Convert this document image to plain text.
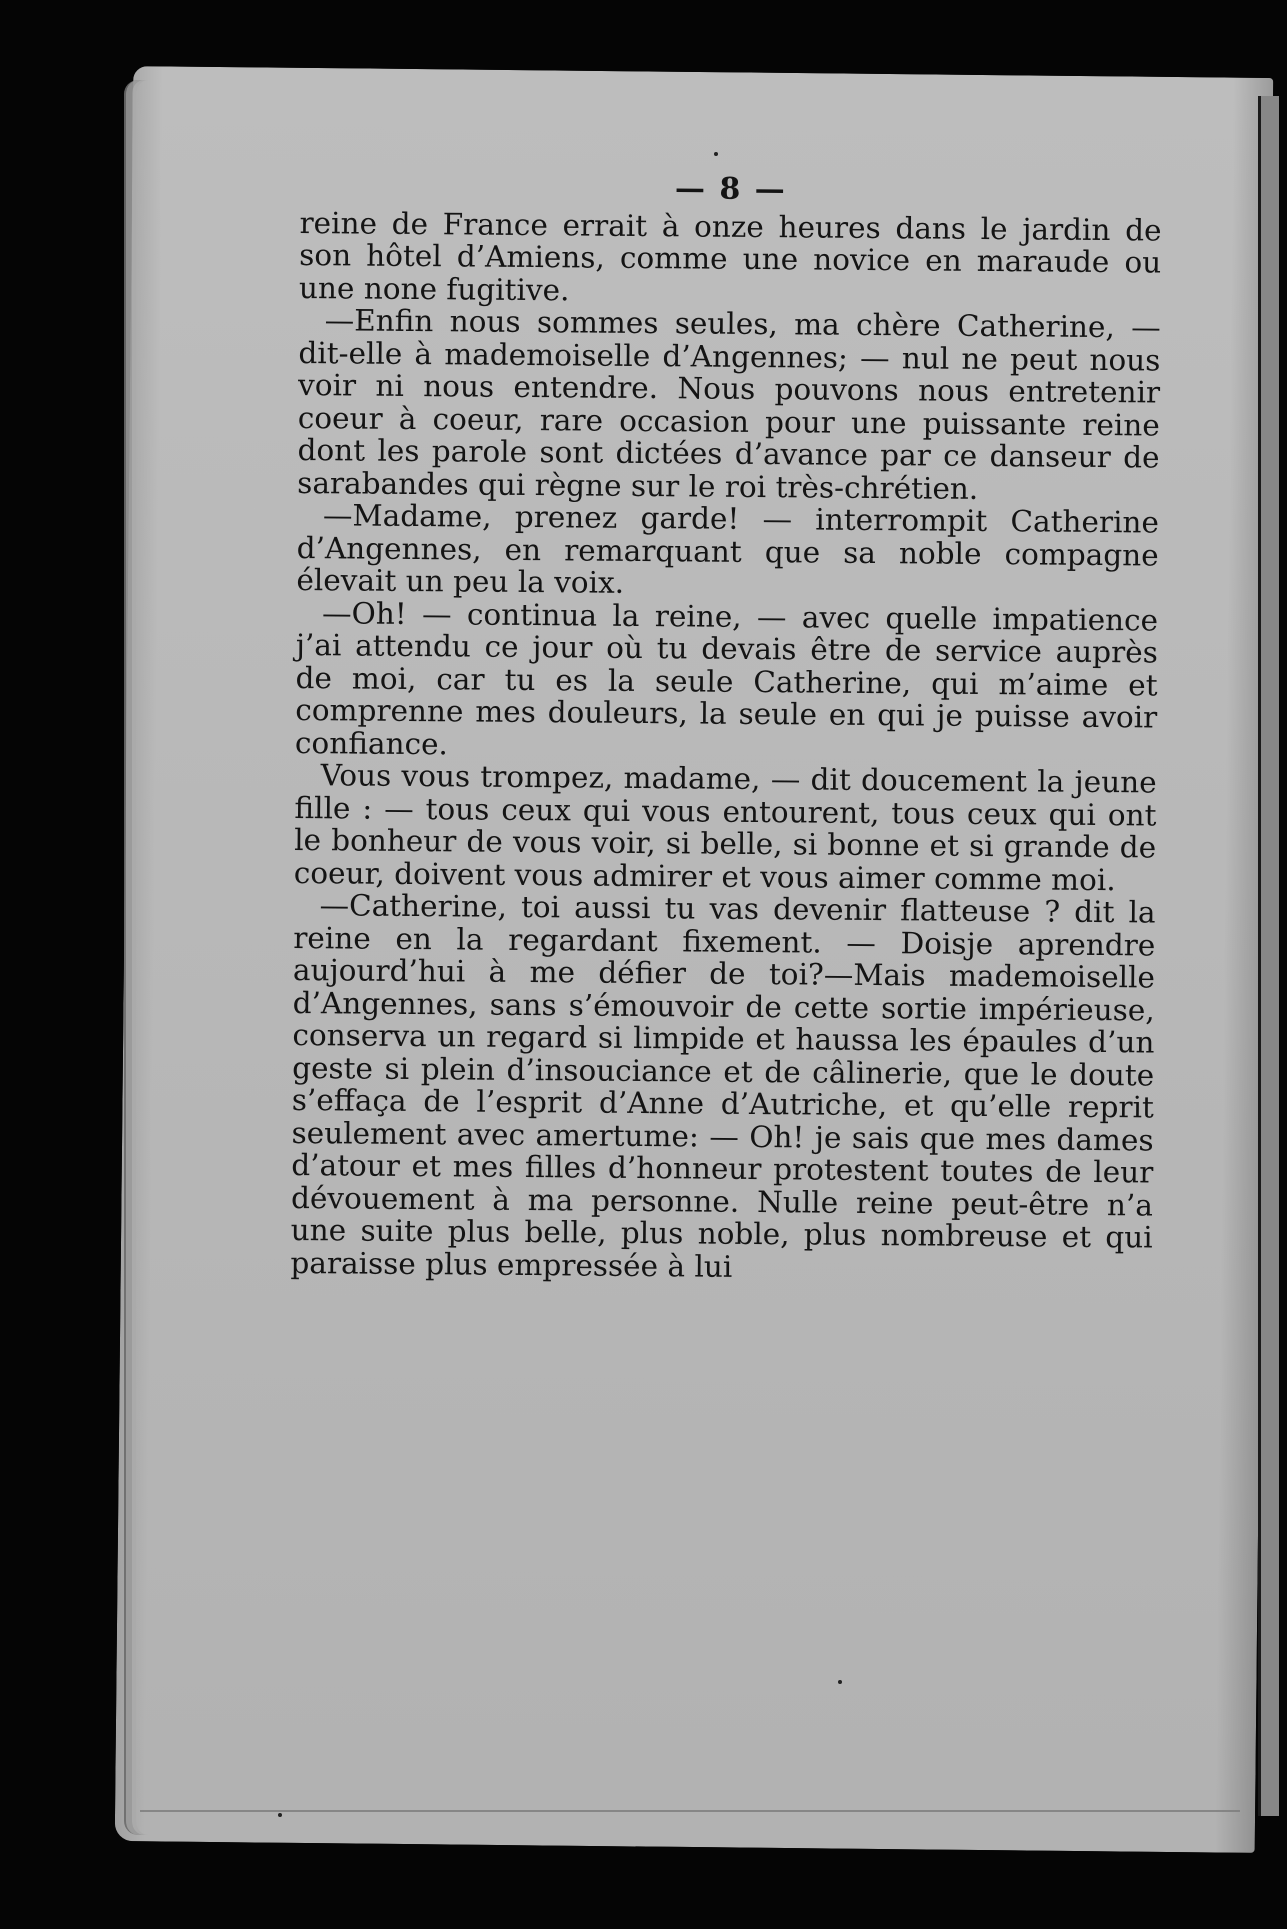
— 8 —

reine de France errait à onze heures dans le jardin de son hôtel d’Amiens, comme une novice en maraude ou une none fugitive.

—Enfin nous sommes seules, ma chère Catherine, — dit-elle à mademoiselle d’Angennes; — nul ne peut nous voir ni nous entendre. Nous pouvons nous entretenir coeur à coeur, rare occasion pour une puissante reine dont les parole sont dictées d’avance par ce danseur de sarabandes qui règne sur le roi très-chrétien.

—Madame, prenez garde! — interrompit Catherine d’Angennes, en remarquant que sa noble compagne élevait un peu la voix.

—Oh! — continua la reine, — avec quelle impatience j’ai attendu ce jour où tu devais être de service auprès de moi, car tu es la seule Catherine, qui m’aime et comprenne mes douleurs, la seule en qui je puisse avoir confiance.

Vous vous trompez, madame, — dit doucement la jeune fille : — tous ceux qui vous entourent, tous ceux qui ont le bonheur de vous voir, si belle, si bonne et si grande de coeur, doivent vous admirer et vous aimer comme moi.

—Catherine, toi aussi tu vas devenir flatteuse ? dit la reine en la regardant fixement. — Doisje aprendre aujourd’hui à me défier de toi?—Mais mademoiselle d’Angennes, sans s’émouvoir de cette sortie impérieuse, conserva un regard si limpide et haussa les épaules d’un geste si plein d’insouciance et de câlinerie, que le doute s’effaça de l’esprit d’Anne d’Autriche, et qu’elle reprit seulement avec amertume: — Oh! je sais que mes dames d’atour et mes filles d’honneur protestent toutes de leur dévouement à ma personne. Nulle reine peut-être n’a une suite plus belle, plus noble, plus nombreuse et qui paraisse plus empressée à lui
